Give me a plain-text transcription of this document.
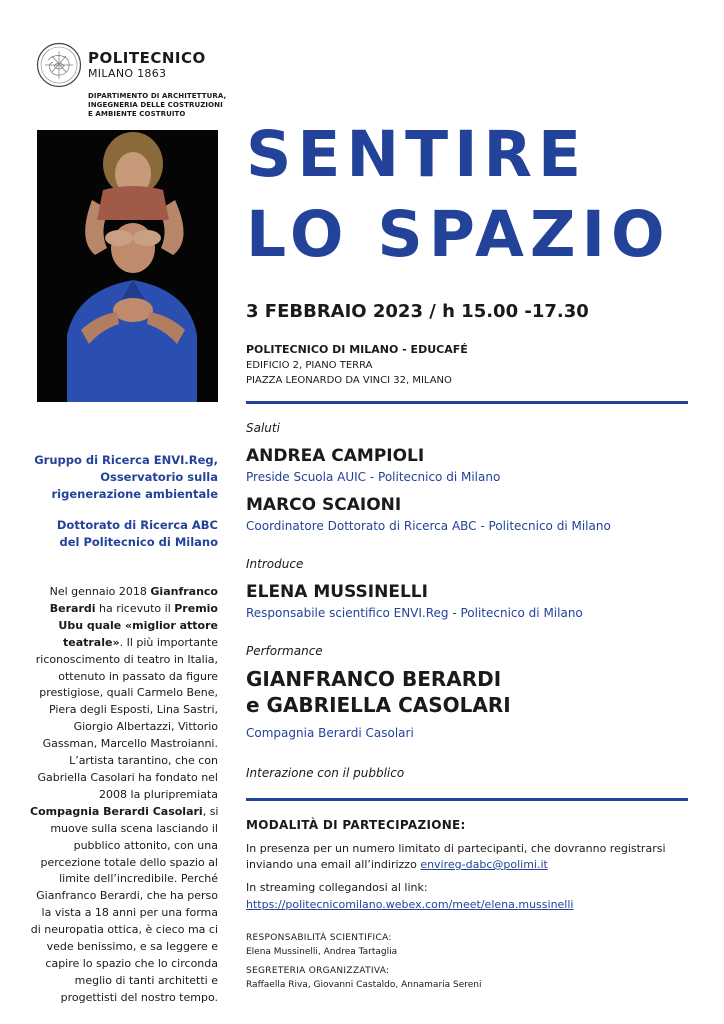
POLITECNICO
MILANO 1863
DIPARTIMENTO DI ARCHITETTURA,
INGEGNERIA DELLE COSTRUZIONI
E AMBIENTE COSTRUITO
SENTIRE
LO SPAZIO
3 FEBBRAIO 2023 / h 15.00 -17.30
POLITECNICO DI MILANO - EDUCAFÉ
EDIFICIO 2, PIANO TERRA
PIAZZA LEONARDO DA VINCI 32, MILANO
Saluti
ANDREA CAMPIOLI
Preside Scuola AUIC - Politecnico di Milano
MARCO SCAIONI
Coordinatore Dottorato di Ricerca ABC - Politecnico di Milano
Introduce
ELENA MUSSINELLI
Responsabile scientifico ENVI.Reg - Politecnico di Milano
Performance
GIANFRANCO BERARDI
e GABRIELLA CASOLARI
Compagnia Berardi Casolari
Interazione con il pubblico
Gruppo di Ricerca ENVI.Reg,
Osservatorio sulla
rigenerazione ambientale
Dottorato di Ricerca ABC
del Politecnico di Milano
Nel gennaio 2018 Gianfranco
Berardi ha ricevuto il Premio
Ubu quale «miglior attore
teatrale». Il più importante
riconoscimento di teatro in Italia,
ottenuto in passato da figure
prestigiose, quali Carmelo Bene,
Piera degli Esposti, Lina Sastri,
Giorgio Albertazzi, Vittorio
Gassman, Marcello Mastroianni.
L’artista tarantino, che con
Gabriella Casolari ha fondato nel
2008 la pluripremiata
Compagnia Berardi Casolari, si
muove sulla scena lasciando il
pubblico attonito, con una
percezione totale dello spazio al
limite dell’incredibile. Perché
Gianfranco Berardi, che ha perso
la vista a 18 anni per una forma
di neuropatia ottica, è cieco ma ci
vede benissimo, e sa leggere e
capire lo spazio che lo circonda
meglio di tanti architetti e
progettisti del nostro tempo.
MODALITÀ DI PARTECIPAZIONE:
In presenza per un numero limitato di partecipanti, che dovranno registrarsi
inviando una email all’indirizzo envireg-dabc@polimi.it
In streaming collegandosi al link:
https://politecnicomilano.webex.com/meet/elena.mussinelli
RESPONSABILITÀ SCIENTIFICA:
Elena Mussinelli, Andrea Tartaglia
SEGRETERIA ORGANIZZATIVA:
Raffaella Riva, Giovanni Castaldo, Annamaria Sereni
